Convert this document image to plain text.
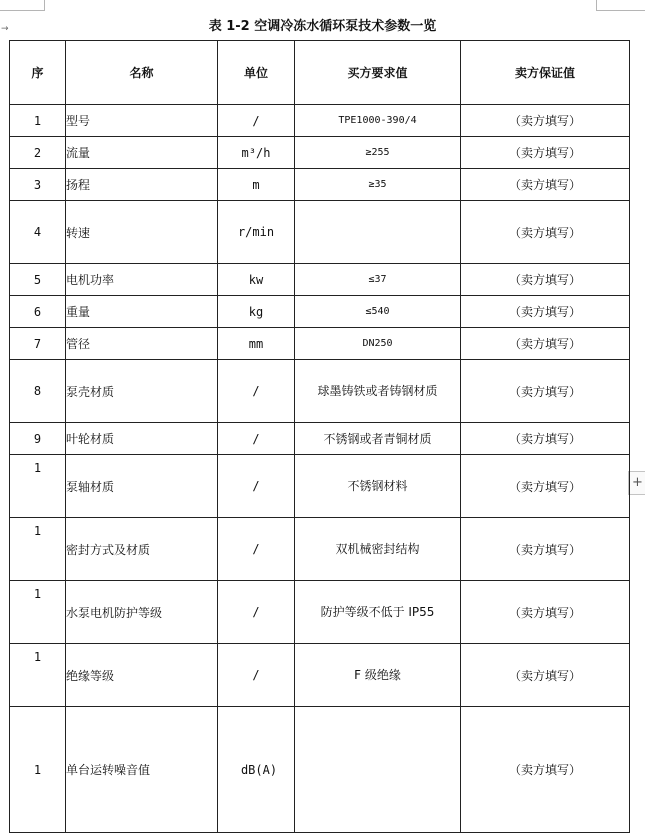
→
+
表 1-2 空调冷冻水循环泵技术参数一览
序	名称	单位	买方要求值	卖方保证值
1	型号	/	TPE1000-390/4	（卖方填写）
2	流量	m³/h	≥255	（卖方填写）
3	扬程	m	≥35	（卖方填写）
4	转速	r/min		（卖方填写）
5	电机功率	kw	≤37	（卖方填写）
6	重量	kg	≤540	（卖方填写）
7	管径	mm	DN250	（卖方填写）
8	泵壳材质	/	球墨铸铁或者铸钢材质	（卖方填写）
9	叶轮材质	/	不锈钢或者青铜材质	（卖方填写）
1	泵轴材质	/	不锈钢材料	（卖方填写）
1	密封方式及材质	/	双机械密封结构	（卖方填写）
1	水泵电机防护等级	/	防护等级不低于 IP55	（卖方填写）
1	绝缘等级	/	F 级绝缘	（卖方填写）
1	单台运转噪音值	dB(A)		（卖方填写）
